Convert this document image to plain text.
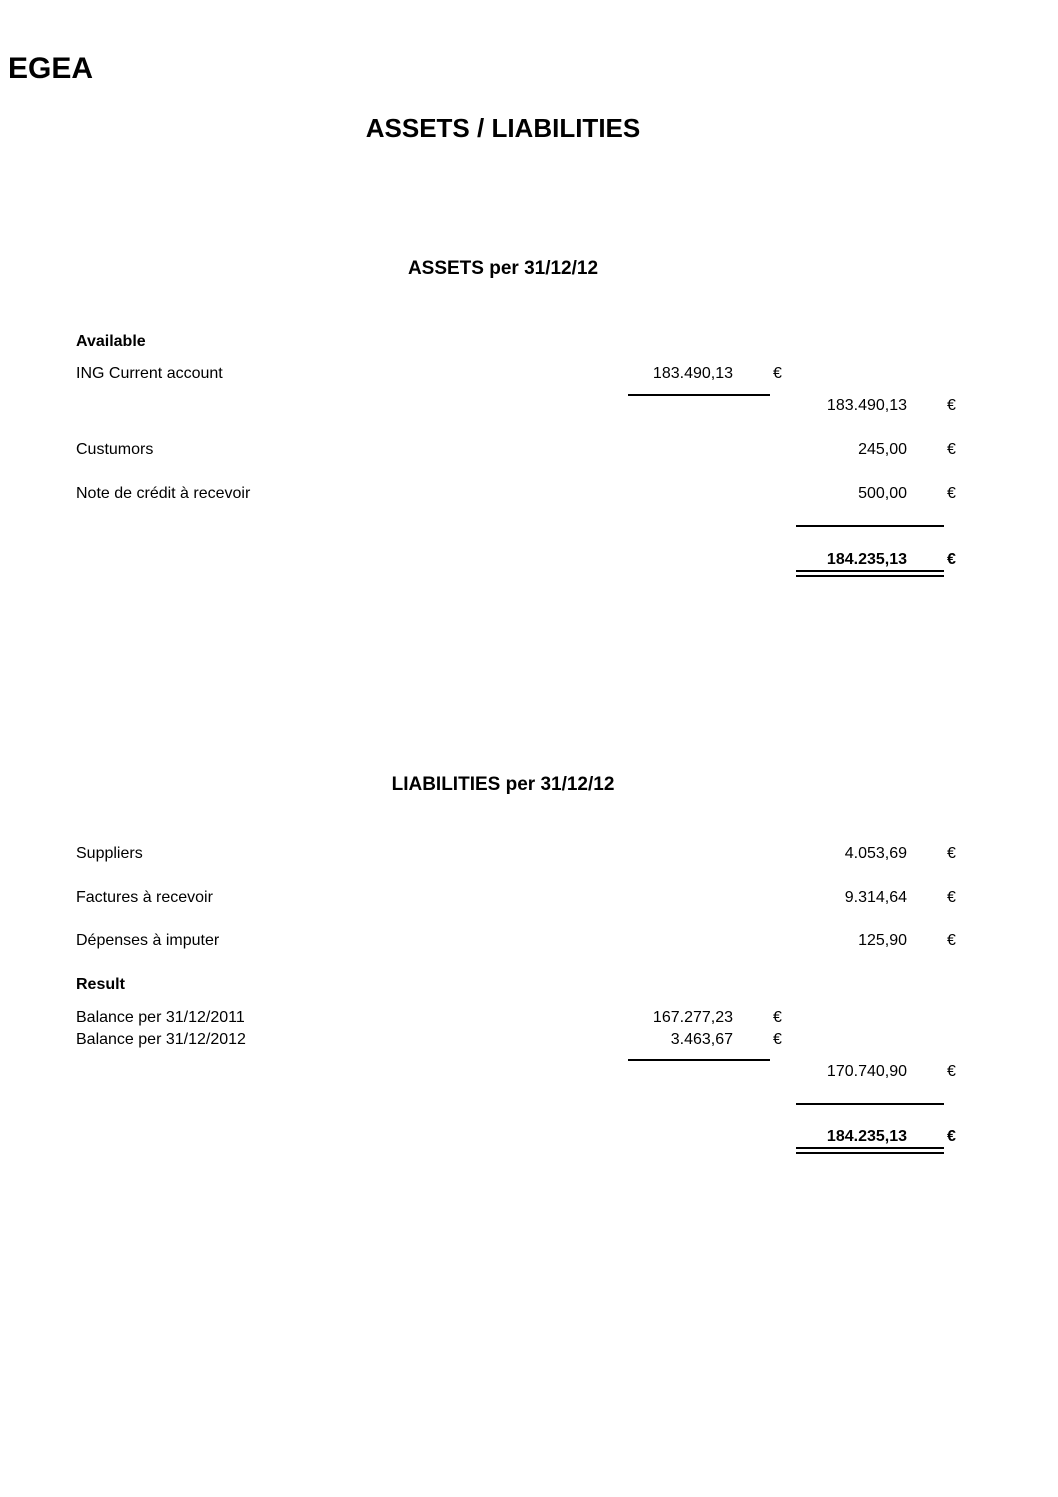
EGEA
ASSETS / LIABILITIES
ASSETS per 31/12/12
Available
ING Current account	183.490,13	€
183.490,13	€
Custumors	245,00	€
Note de crédit à recevoir	500,00	€
184.235,13	€
LIABILITIES per 31/12/12
Suppliers	4.053,69	€
Factures à recevoir	9.314,64	€
Dépenses à imputer	125,90	€
Result
Balance per 31/12/2011	167.277,23	€
Balance per 31/12/2012	3.463,67	€
170.740,90	€
184.235,13	€
